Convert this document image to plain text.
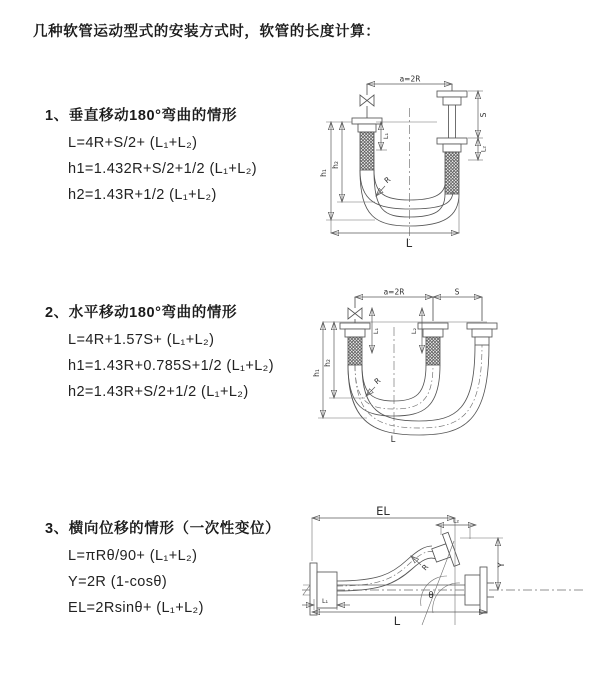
几种软管运动型式的安装方式时，软管的长度计算：
1、垂直移动180°弯曲的情形
L=4R+S/2+ (L₁+L₂)
h1=1.432R+S/2+1/2 (L₁+L₂)
h2=1.43R+1/2 (L₁+L₂)
2、水平移动180°弯曲的情形
L=4R+1.57S+ (L₁+L₂)
h1=1.43R+0.785S+1/2 (L₁+L₂)
h2=1.43R+S/2+1/2 (L₁+L₂)
3、横向位移的情形（一次性变位）
L=πRθ/90+ (L₁+L₂)
Y=2R (1-cosθ)
EL=2Rsinθ+ (L₁+L₂)
a=2R
S
L₂
L₁
h₁
h₂
R
L
a=2R	S
L₁	L₂
h₁
h₂
R
L
EL
L₂
Y
L₁
L
θ
R
